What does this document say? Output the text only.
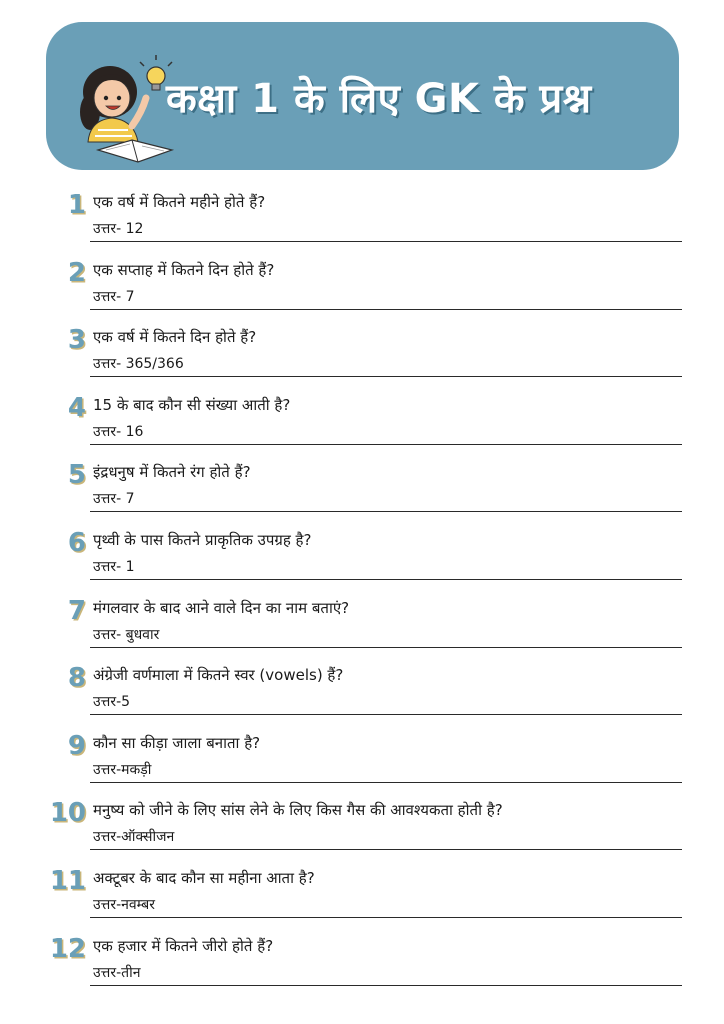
कक्षा 1 के लिए GK के प्रश्न
1 एक वर्ष में कितने महीने होते हैं?
उत्तर- 12
2 एक सप्ताह में कितने दिन होते हैं?
उत्तर- 7
3 एक वर्ष में कितने दिन होते हैं?
उत्तर- 365/366
4 15 के बाद कौन सी संख्या आती है?
उत्तर- 16
5 इंद्रधनुष में कितने रंग होते हैं?
उत्तर- 7
6 पृथ्वी के पास कितने प्राकृतिक उपग्रह है?
उत्तर- 1
7 मंगलवार के बाद आने वाले दिन का नाम बताएं?
उत्तर- बुधवार
8 अंग्रेजी वर्णमाला में कितने स्वर (vowels) हैं?
उत्तर-5
9 कौन सा कीड़ा जाला बनाता है?
उत्तर-मकड़ी
10 मनुष्य को जीने के लिए सांस लेने के लिए किस गैस की आवश्यकता होती है?
उत्तर-ऑक्सीजन
11 अक्टूबर के बाद कौन सा महीना आता है?
उत्तर-नवम्बर
12 एक हजार में कितने जीरो होते हैं?
उत्तर-तीन
